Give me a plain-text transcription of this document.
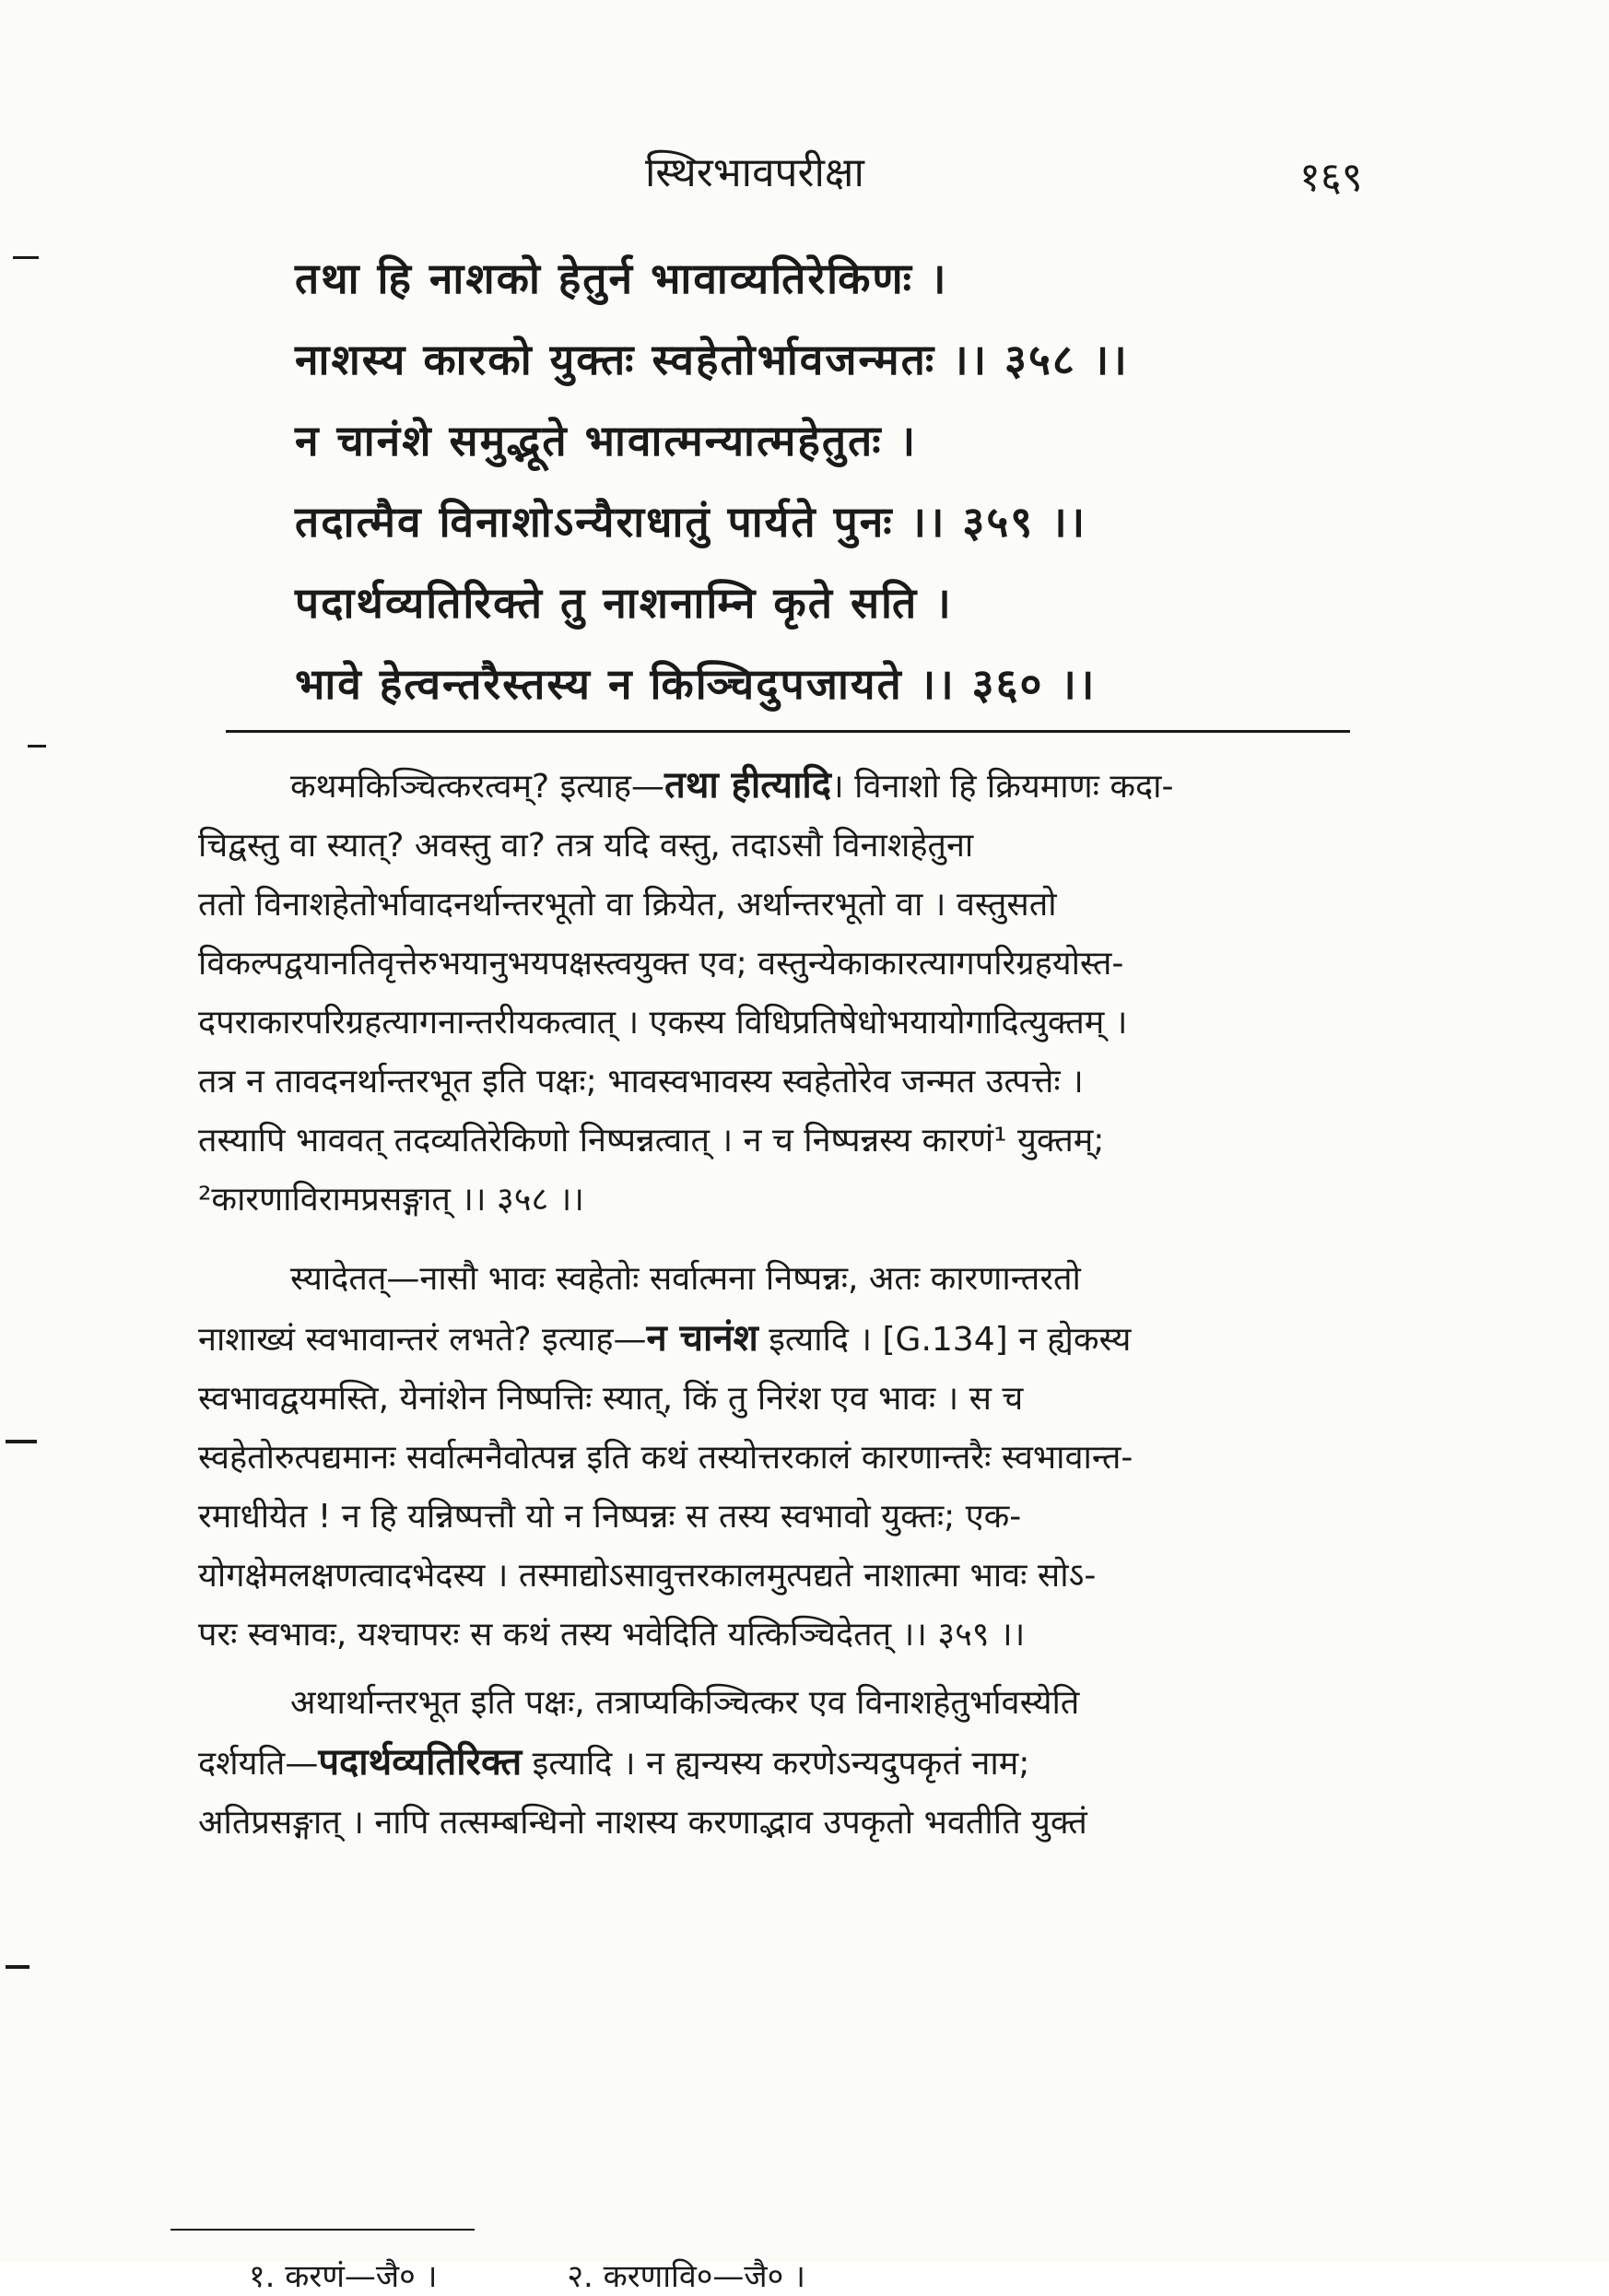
स्थिरभावपरीक्षा	१६९
तथा हि नाशको हेतुर्न भावाव्यतिरेकिणः ।
नाशस्य कारको युक्तः स्वहेतोर्भावजन्मतः ।। ३५८ ।।
न चानंशे समुद्भूते भावात्मन्यात्महेतुतः ।
तदात्मैव विनाशोऽन्यैराधातुं पार्यते पुनः ।। ३५९ ।।
पदार्थव्यतिरिक्ते तु नाशनाम्नि कृते सति ।
भावे हेत्वन्तरैस्तस्य न किञ्चिदुपजायते ।। ३६० ।।

कथमकिञ्चित्करत्वम्? इत्याह—तथा हीत्यादि। विनाशो हि क्रियमाणः कदा-

चिद्वस्तु वा स्यात्? अवस्तु वा? तत्र यदि वस्तु, तदाऽसौ विनाशहेतुना

ततो विनाशहेतोर्भावादनर्थान्तरभूतो वा क्रियेत, अर्थान्तरभूतो वा । वस्तुसतो

विकल्पद्वयानतिवृत्तेरुभयानुभयपक्षस्त्वयुक्त एव; वस्तुन्येकाकारत्यागपरिग्रहयोस्त-

दपराकारपरिग्रहत्यागनान्तरीयकत्वात् । एकस्य विधिप्रतिषेधोभयायोगादित्युक्तम् ।

तत्र न तावदनर्थान्तरभूत इति पक्षः; भावस्वभावस्य स्वहेतोरेव जन्मत उत्पत्तेः ।

तस्यापि भाववत् तदव्यतिरेकिणो निष्पन्नत्वात् । न च निष्पन्नस्य कारणं¹ युक्तम्;

²कारणाविरामप्रसङ्गात् ।। ३५८ ।।

स्यादेतत्—नासौ भावः स्वहेतोः सर्वात्मना निष्पन्नः, अतः कारणान्तरतो

नाशाख्यं स्वभावान्तरं लभते? इत्याह—न चानंश इत्यादि । [G.134] न ह्येकस्य

स्वभावद्वयमस्ति, येनांशेन निष्पत्तिः स्यात्, किं तु निरंश एव भावः । स च

स्वहेतोरुत्पद्यमानः सर्वात्मनैवोत्पन्न इति कथं तस्योत्तरकालं कारणान्तरैः स्वभावान्त-

रमाधीयेत ! न हि यन्निष्पत्तौ यो न निष्पन्नः स तस्य स्वभावो युक्तः; एक-

योगक्षेमलक्षणत्वादभेदस्य । तस्माद्योऽसावुत्तरकालमुत्पद्यते नाशात्मा भावः सोऽ-

परः स्वभावः, यश्चापरः स कथं तस्य भवेदिति यत्किञ्चिदेतत् ।। ३५९ ।।

अथार्थान्तरभूत इति पक्षः, तत्राप्यकिञ्चित्कर एव विनाशहेतुर्भावस्येति

दर्शयति—पदार्थव्यतिरिक्त इत्यादि । न ह्यन्यस्य करणेऽन्यदुपकृतं नाम;

अतिप्रसङ्गात् । नापि तत्सम्बन्धिनो नाशस्य करणाद्भाव उपकृतो भवतीति युक्तं

१. करणं—जै० ।	२. करणावि०—जै० ।
